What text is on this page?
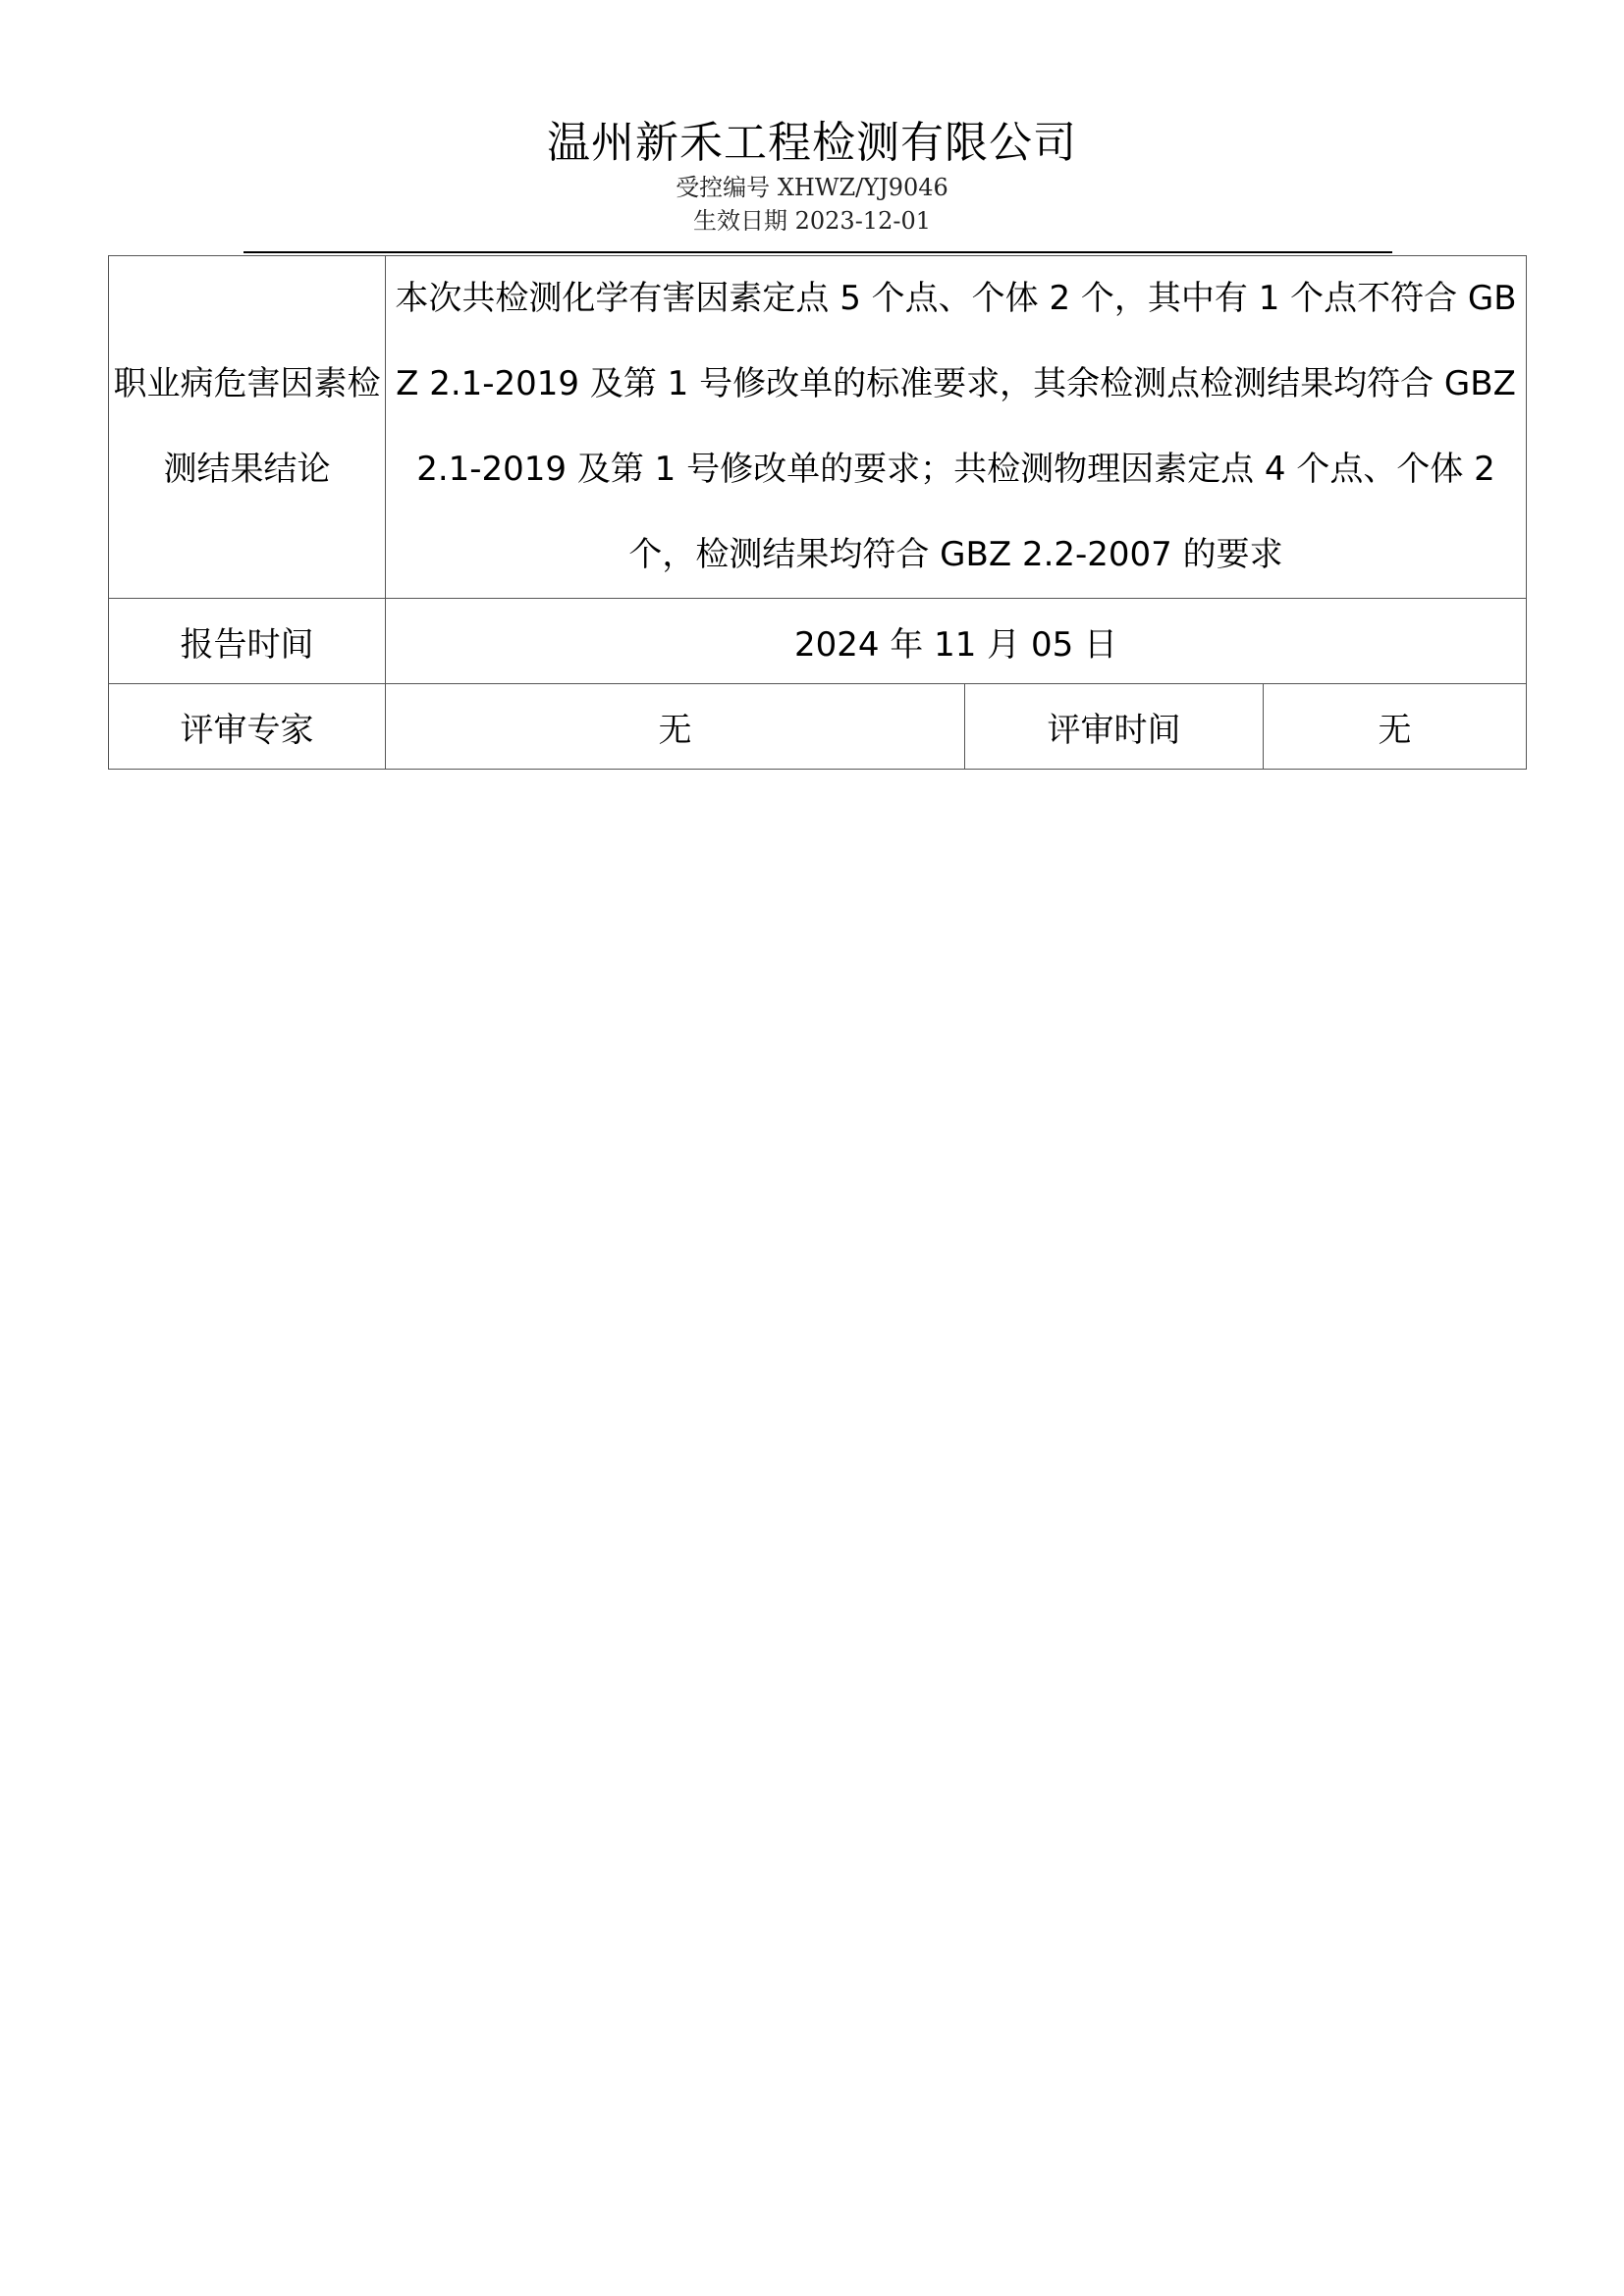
温州新禾工程检测有限公司
受控编号 XHWZ/YJ9046
生效日期 2023-12-01
职业病危害因素检测结果结论	本次共检测化学有害因素定点 5 个点、个体 2 个，其中有 1 个点不符合 GBZ 2.1-2019 及第 1 号修改单的标准要求，其余检测点检测结果均符合 GBZ 2.1-2019 及第 1 号修改单的要求；共检测物理因素定点 4 个点、个体 2 个，检测结果均符合 GBZ 2.2-2007 的要求		
报告时间	2024 年 11 月 05 日		
评审专家	无	评审时间	无
